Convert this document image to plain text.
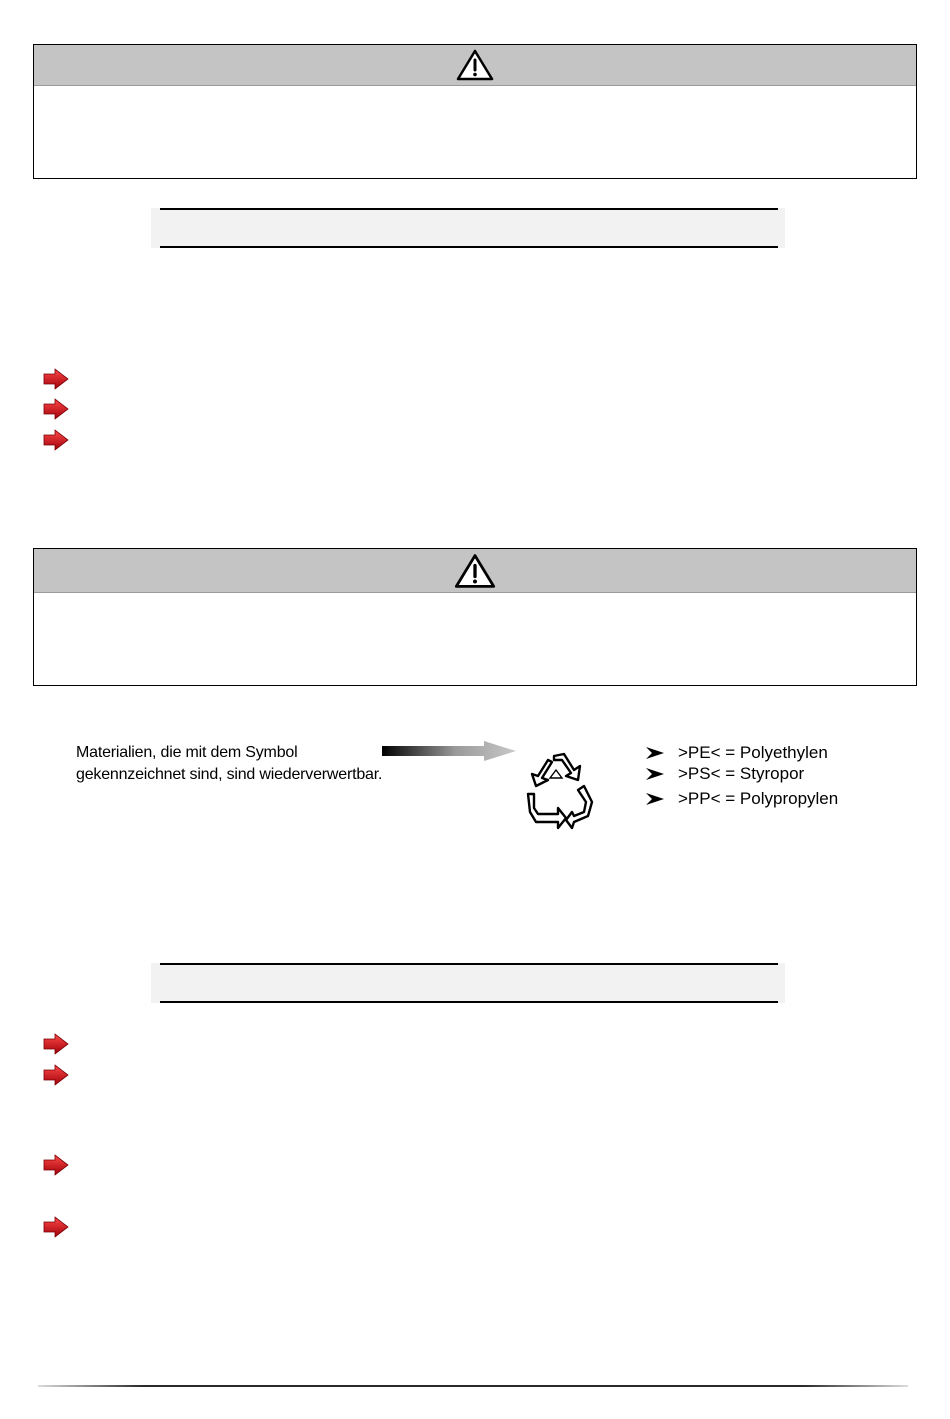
Materialien, die mit dem Symbol
gekennzeichnet sind, sind wiederverwertbar.
>PE<
= Polyethylen
>PS<
= Styropor
>PP<
= Polypropylen
